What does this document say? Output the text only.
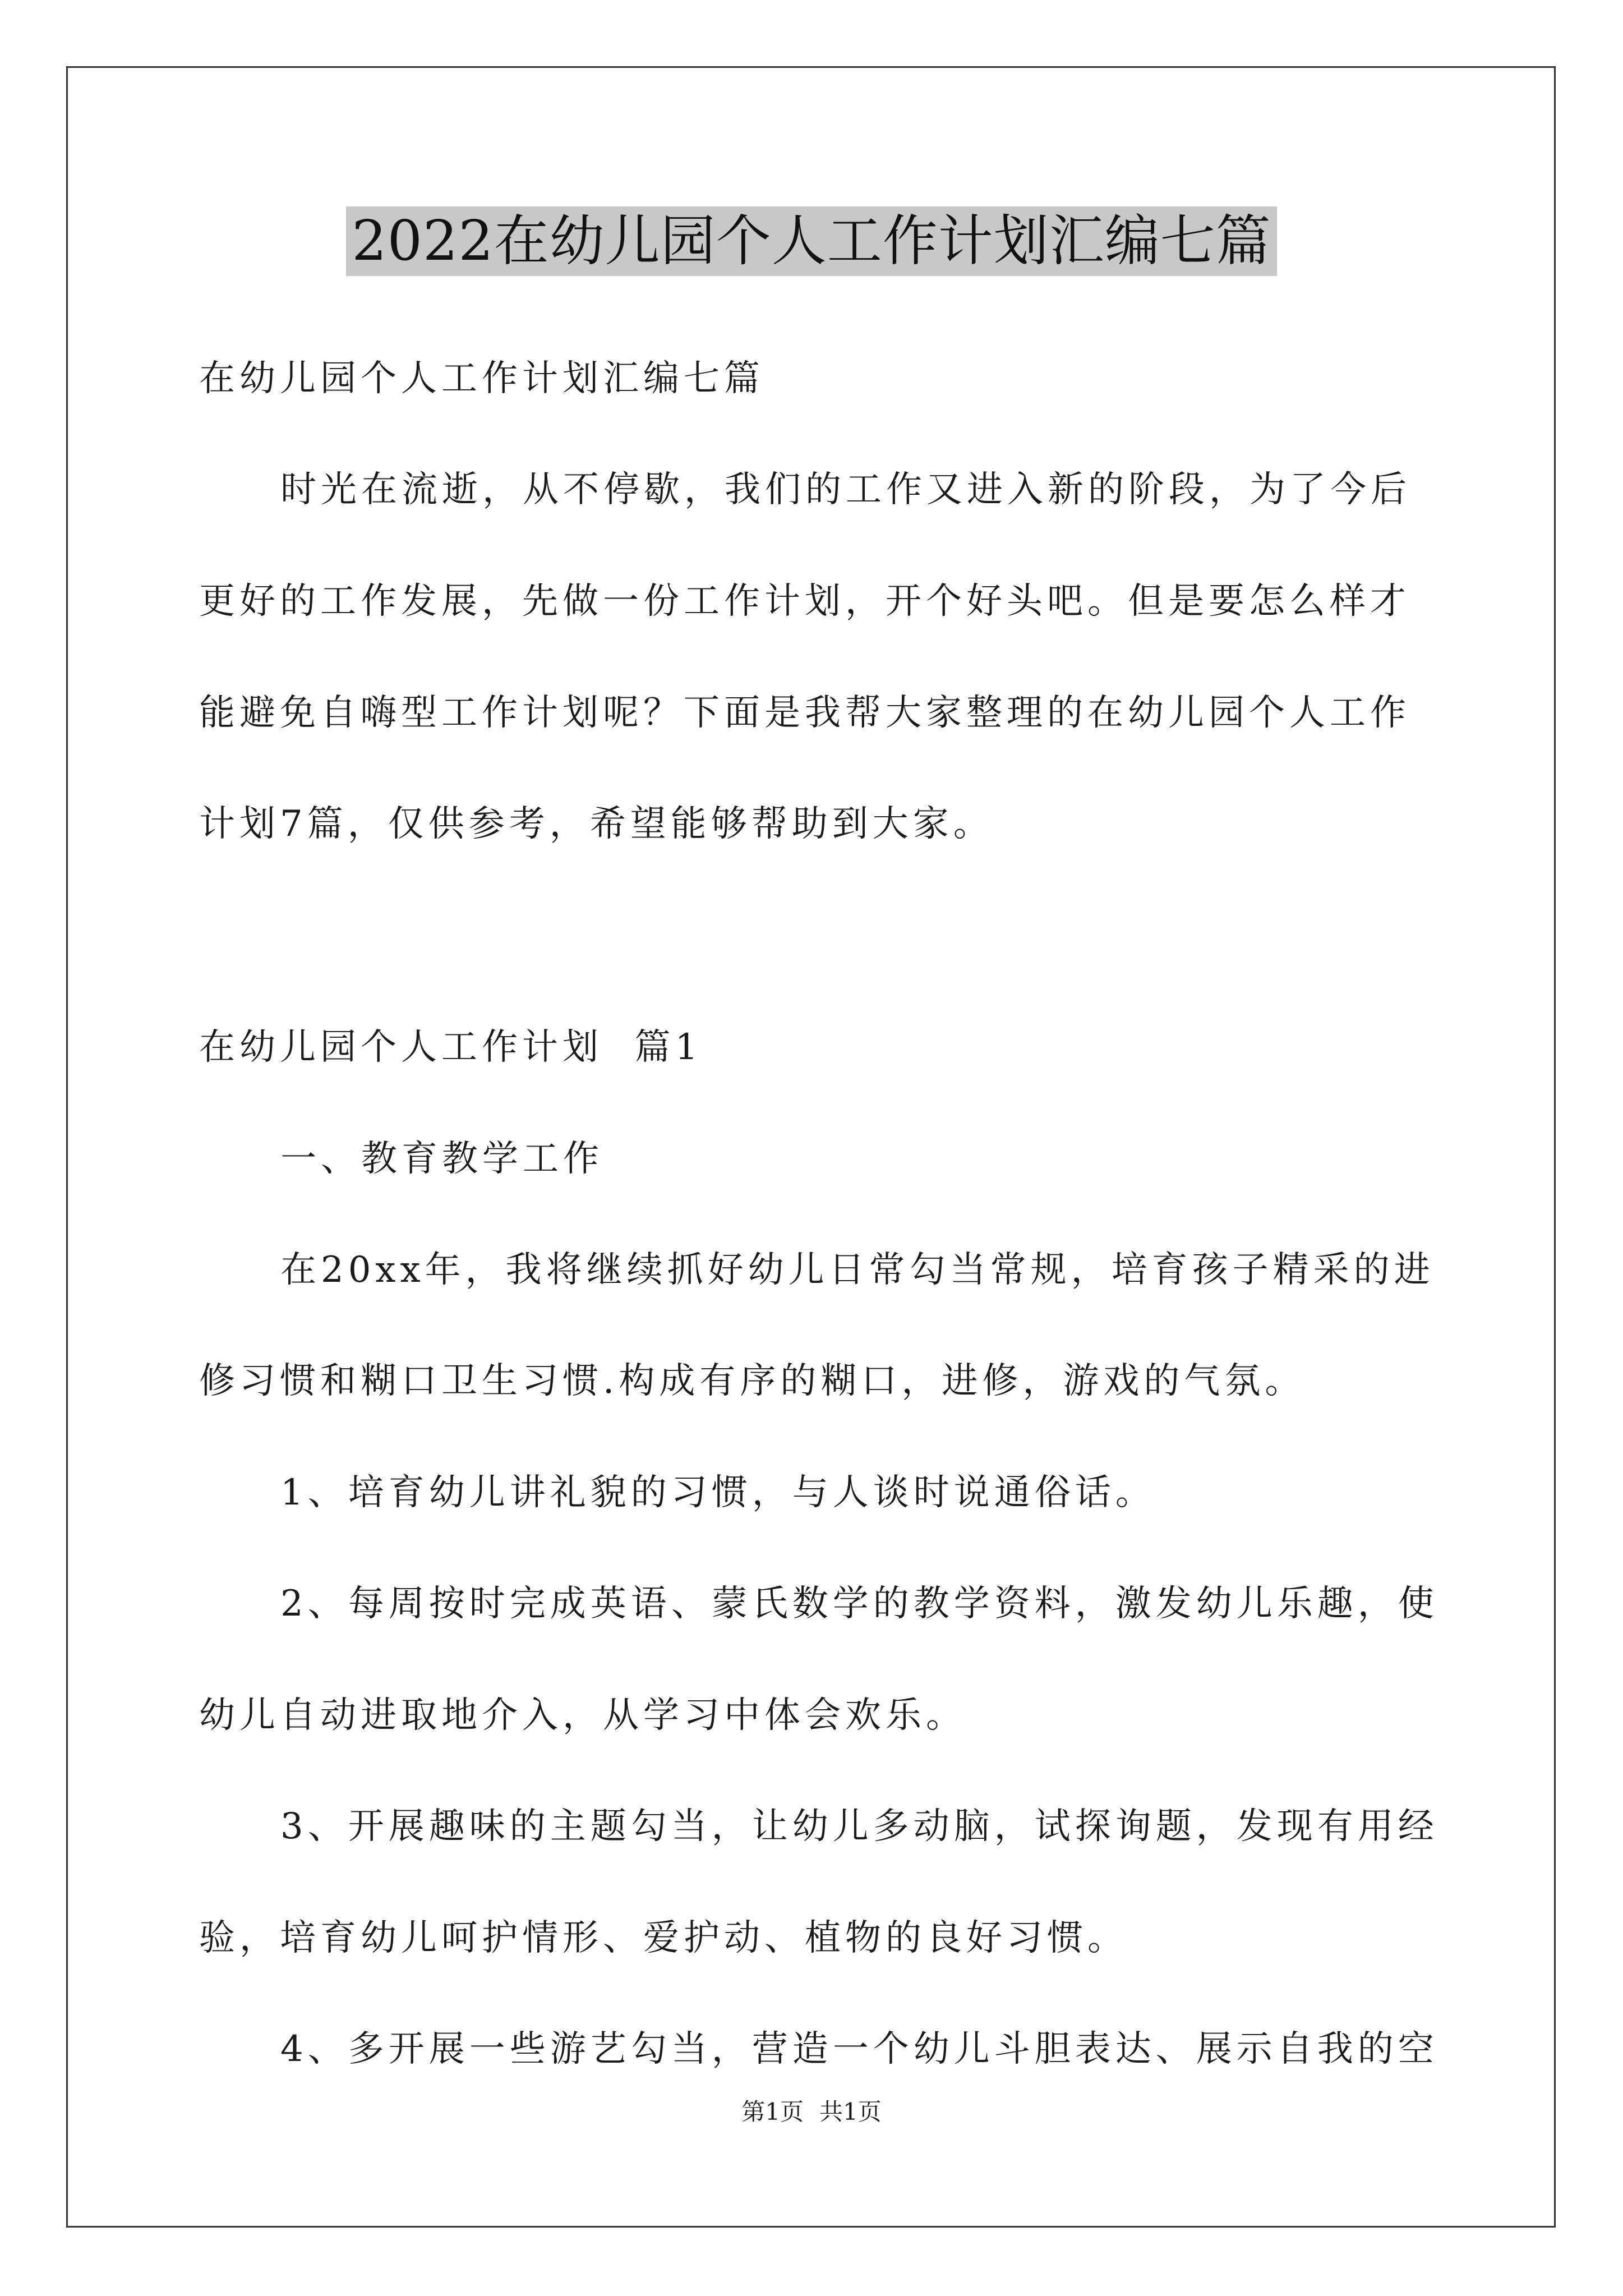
2022在幼儿园个人工作计划汇编七篇
在幼儿园个人工作计划汇编七篇
时光在流逝，从不停歇，我们的工作又进入新的阶段，为了今后
更好的工作发展，先做一份工作计划，开个好头吧。但是要怎么样才
能避免自嗨型工作计划呢？下面是我帮大家整理的在幼儿园个人工作
计划7篇，仅供参考，希望能够帮助到大家。
在幼儿园个人工作计划  篇1
一、教育教学工作
在20xx年，我将继续抓好幼儿日常勾当常规，培育孩子精采的进
修习惯和糊口卫生习惯.构成有序的糊口，进修，游戏的气氛。
1、培育幼儿讲礼貌的习惯，与人谈时说通俗话。
2、每周按时完成英语、蒙氏数学的教学资料，激发幼儿乐趣，使
幼儿自动进取地介入，从学习中体会欢乐。
3、开展趣味的主题勾当，让幼儿多动脑，试探询题，发现有用经
验，培育幼儿呵护情形、爱护动、植物的良好习惯。
4、多开展一些游艺勾当，营造一个幼儿斗胆表达、展示自我的空
第1页 共1页
